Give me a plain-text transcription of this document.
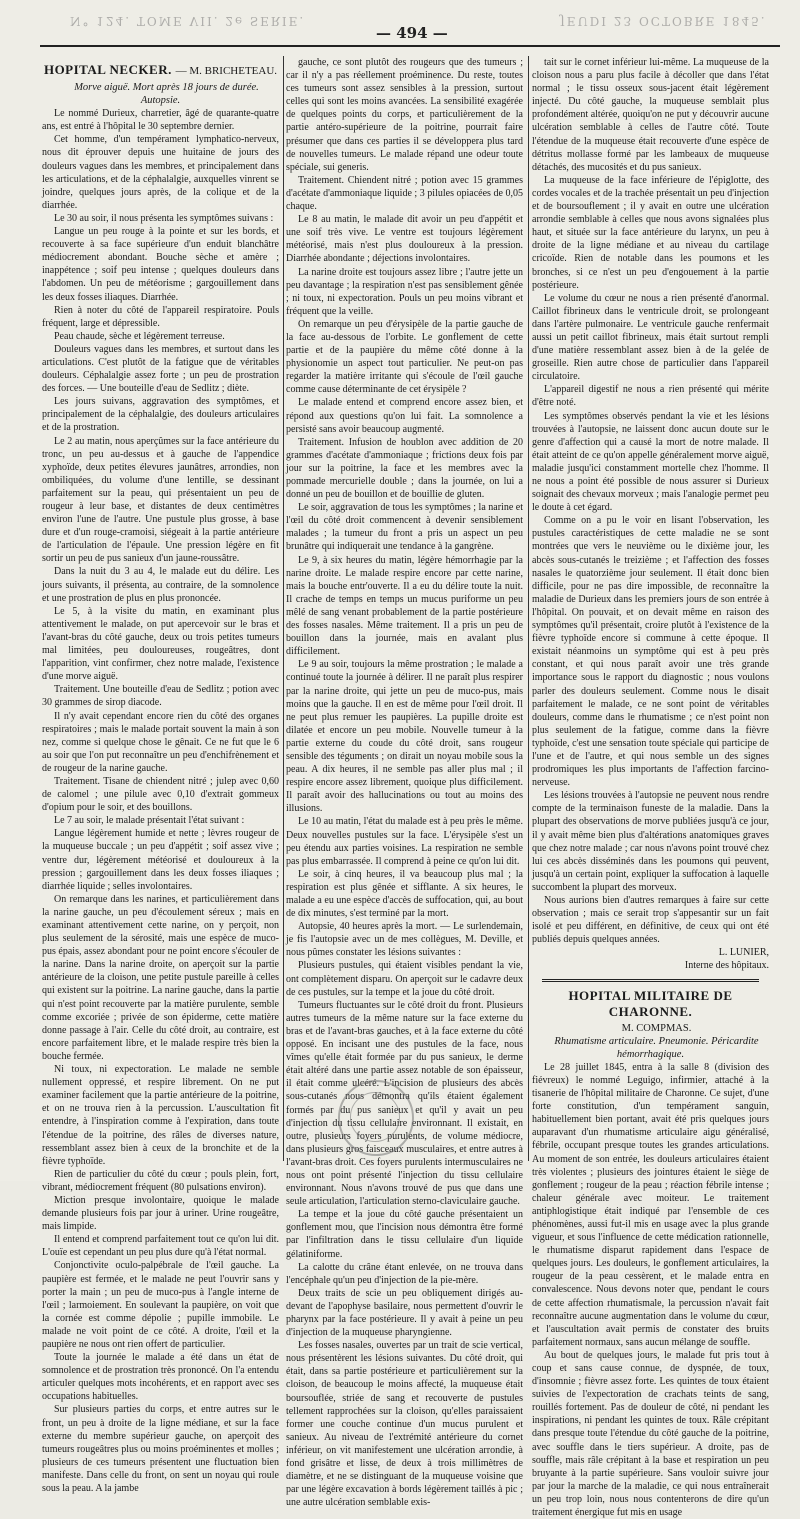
N° 124. TOME VII. 2e SERIE.
— 494 —
JEUDI 23 OCTOBRE 1845.
HOPITAL NECKER. — M. BRICHETEAU.

Morve aiguë. Mort après 18 jours de durée. Autopsie.

Le nommé Durieux, charretier, âgé de quarante-quatre ans, est entré à l'hôpital le 30 septembre dernier.

Cet homme, d'un tempérament lymphatico-nerveux, nous dit éprouver depuis une huitaine de jours des douleurs vagues dans les membres, et principalement dans les articulations, et de la céphalalgie, auxquelles vinrent se joindre, quelques jours après, de la colique et de la diarrhée.

Le 30 au soir, il nous présenta les symptômes suivans :

Langue un peu rouge à la pointe et sur les bords, et recouverte à sa face supérieure d'un enduit blanchâtre médiocrement abondant. Bouche sèche et amère ; inappétence ; soif peu intense ; quelques douleurs dans l'abdomen. Un peu de météorisme ; gargouillement dans les deux fosses iliaques. Diarrhée.

Rien à noter du côté de l'appareil respiratoire. Pouls fréquent, large et dépressible.

Peau chaude, sèche et légèrement terreuse.

Douleurs vagues dans les membres, et surtout dans les articulations. C'est plutôt de la fatigue que de véritables douleurs. Céphalalgie assez forte ; un peu de prostration des forces. — Une bouteille d'eau de Sedlitz ; diète.

Les jours suivans, aggravation des symptômes, et principalement de la céphalalgie, des douleurs articulaires et de la prostration.

Le 2 au matin, nous aperçûmes sur la face antérieure du tronc, un peu au-dessus et à gauche de l'appendice xyphoïde, deux petites élevures jaunâtres, arrondies, non ombiliquées, du volume d'une lentille, se dessinant parfaitement sur la peau, qui présentaient un peu de rougeur à leur base, et distantes de deux centimètres environ l'une de l'autre. Une pustule plus grosse, à base dure et d'un rouge-cramoisi, siégeait à la partie antérieure de l'articulation de l'épaule. Une pression légère en fit sortir un peu de pus sanieux d'un jaune-roussâtre.

Dans la nuit du 3 au 4, le malade eut du délire. Les jours suivants, il présenta, au contraire, de la somnolence et une prostration de plus en plus prononcée.

Le 5, à la visite du matin, en examinant plus attentivement le malade, on put apercevoir sur le bras et l'avant-bras du côté gauche, deux ou trois petites tumeurs mal limitées, peu douloureuses, rougeâtres, dont l'apparition, vint confirmer, chez notre malade, l'existence d'une morve aiguë.

Traitement. Une bouteille d'eau de Sedlitz ; potion avec 30 grammes de sirop diacode.

Il n'y avait cependant encore rien du côté des organes respiratoires ; mais le malade portait souvent la main à son nez, comme si quelque chose le gênait. Ce ne fut que le 6 au soir que l'on put reconnaître un peu d'enchifrènement et de rougeur de la narine gauche.

Traitement. Tisane de chiendent nitré ; julep avec 0,60 de calomel ; une pilule avec 0,10 d'extrait gommeux d'opium pour le soir, et des bouillons.

Le 7 au soir, le malade présentait l'état suivant :

Langue légèrement humide et nette ; lèvres rougeur de la muqueuse buccale ; un peu d'appétit ; soif assez vive ; ventre dur, légèrement météorisé et douloureux à la pression ; gargouillement dans les deux fosses iliaques ; diarrhée liquide ; selles involontaires.

On remarque dans les narines, et particulièrement dans la narine gauche, un peu d'écoulement séreux ; mais en examinant attentivement cette narine, on y perçoit, non plus seulement de la sérosité, mais une espèce de muco-pus épais, assez abondant pour ne point encore s'écouler de la narine. Dans la narine droite, on aperçoit sur la partie antérieure de la cloison, une petite pustule pareille à celles qui existent sur la poitrine. La narine gauche, dans la partie qui n'est point recouverte par la matière purulente, semble comme excoriée ; privée de son épiderme, cette matière donne passage à l'air. Celle du côté droit, au contraire, est encore parfaitement libre, et le malade respire très bien la bouche fermée.

Ni toux, ni expectoration. Le malade ne semble nullement oppressé, et respire librement. On ne put examiner facilement que la partie antérieure de la poitrine, et on ne trouva rien à la percussion. L'auscultation fit entendre, à l'inspiration comme à l'expiration, dans toute l'étendue de la poitrine, des râles de diverses nature, ressemblant assez bien à ceux de la bronchite et de la fièvre typhoïde.

Rien de particulier du côté du cœur ; pouls plein, fort, vibrant, médiocrement fréquent (80 pulsations environ).

Miction presque involontaire, quoique le malade demande plusieurs fois par jour à uriner. Urine rougeâtre, mais limpide.

Il entend et comprend parfaitement tout ce qu'on lui dit. L'ouïe est cependant un peu plus dure qu'à l'état normal.

Conjonctivite oculo-palpébrale de l'œil gauche. La paupière est fermée, et le malade ne peut l'ouvrir sans y porter la main ; un peu de muco-pus à l'angle interne de l'œil ; larmoiement. En soulevant la paupière, on voit que la cornée est comme dépolie ; pupille immobile. Le malade ne voit point de ce côté. A droite, l'œil et la paupière ne nous ont rien offert de particulier.

Toute la journée le malade a été dans un état de somnolence et de prostration très prononcé. On l'a entendu articuler quelques mots incohérents, et en rapport avec ses occupations habituelles.

Sur plusieurs parties du corps, et entre autres sur le front, un peu à droite de la ligne médiane, et sur la face externe du membre supérieur gauche, on aperçoit des tumeurs rougeâtres plus ou moins proéminentes et molles ; plusieurs de ces tumeurs présentent une fluctuation bien manifeste. Dans celle du front, on sent un noyau qui roule sous la peau. A la jambe

gauche, ce sont plutôt des rougeurs que des tumeurs ; car il n'y a pas réellement proéminence. Du reste, toutes ces tumeurs sont assez sensibles à la pression, surtout celles qui sont les moins avancées. La sensibilité exagérée de quelques points du corps, et particulièrement de la partie antéro-supérieure de la poitrine, pourrait faire présumer que dans ces parties il se développera plus tard de nouvelles tumeurs. Le malade répand une odeur toute spéciale, sui generis.

Traitement. Chiendent nitré ; potion avec 15 grammes d'acétate d'ammoniaque liquide ; 3 pilules opiacées de 0,05 chaque.

Le 8 au matin, le malade dit avoir un peu d'appétit et une soif très vive. Le ventre est toujours légèrement météorisé, mais n'est plus douloureux à la pression. Diarrhée abondante ; déjections involontaires.

La narine droite est toujours assez libre ; l'autre jette un peu davantage ; la respiration n'est pas sensiblement gênée ; ni toux, ni expectoration. Pouls un peu moins vibrant et fréquent que la veille.

On remarque un peu d'érysipèle de la partie gauche de la face au-dessous de l'orbite. Le gonflement de cette partie et de la paupière du même côté donne à la physionomie un aspect tout particulier. Ne peut-on pas regarder la matière irritante qui s'écoule de l'œil gauche comme cause déterminante de cet érysipèle ?

Le malade entend et comprend encore assez bien, et répond aux questions qu'on lui fait. La somnolence a persisté sans avoir beaucoup augmenté.

Traitement. Infusion de houblon avec addition de 20 grammes d'acétate d'ammoniaque ; frictions deux fois par jour sur la poitrine, la face et les membres avec la pommade mercurielle double ; dans la journée, on lui a donné un peu de bouillon et de bouillie de gluten.

Le soir, aggravation de tous les symptômes ; la narine et l'œil du côté droit commencent à devenir sensiblement malades ; la tumeur du front a pris un aspect un peu brunâtre qui indiquerait une tendance à la gangrène.

Le 9, à six heures du matin, légère hémorrhagie par la narine droite. Le malade respire encore par cette narine, mais la bouche entr'ouverte. Il a eu du délire toute la nuit. Il crache de temps en temps un mucus puriforme un peu mêlé de sang venant probablement de la partie postérieure des fosses nasales. Même traitement. Il a pris un peu de bouillon dans la journée, mais en avalant plus difficilement.

Le 9 au soir, toujours la même prostration ; le malade a continué toute la journée à délirer. Il ne paraît plus respirer par la narine droite, qui jette un peu de muco-pus, mais moins que la gauche. Il en est de même pour l'œil droit. Il ne peut plus remuer les paupières. La pupille droite est dilatée et encore un peu mobile. Nouvelle tumeur à la partie externe du coude du côté droit, sans rougeur sensible des téguments ; on dirait un noyau mobile sous la peau. A dix heures, il ne semble pas aller plus mal ; il respire encore assez librement, quoique plus difficilement. Il paraît avoir des hallucinations ou tout au moins des illusions.

Le 10 au matin, l'état du malade est à peu près le même. Deux nouvelles pustules sur la face. L'érysipèle s'est un peu étendu aux parties voisines. La respiration ne semble pas plus embarrassée. Il comprend à peine ce qu'on lui dit.

Le soir, à cinq heures, il va beaucoup plus mal ; la respiration est plus gênée et sifflante. A six heures, le malade a eu une espèce d'accès de suffocation, qui, au bout de dix minutes, s'est terminé par la mort.

Autopsie, 40 heures après la mort. — Le surlendemain, je fis l'autopsie avec un de mes collègues, M. Deville, et nous pûmes constater les lésions suivantes :

Plusieurs pustules, qui étaient visibles pendant la vie, ont complètement disparu. On aperçoit sur le cadavre deux de ces pustules, sur la tempe et la joue du côté droit.

Tumeurs fluctuantes sur le côté droit du front. Plusieurs autres tumeurs de la même nature sur la face externe du bras et de l'avant-bras gauches, et à la face externe du côté opposé. En incisant une des pustules de la face, nous vîmes qu'elle était formée par du pus sanieux, le derme était altéré dans une partie assez notable de son épaisseur, il était comme ulcéré. L'incision de plusieurs des abcès sous-cutanés nous démontra qu'ils étaient également formés par du pus sanieux et qu'il y avait un peu d'injection du tissu cellulaire environnant. Il existait, en outre, plusieurs foyers purulents, de volume médiocre, dans plusieurs gros faisceaux musculaires, et entre autres à l'avant-bras droit. Ces foyers purulents intermusculaires ne nous ont point présenté l'injection du tissu cellulaire environnant. Nous n'avons trouvé de pus que dans une seule articulation, l'articulation sterno-claviculaire gauche.

La tempe et la joue du côté gauche présentaient un gonflement mou, que l'incision nous démontra être formé par l'infiltration dans le tissu cellulaire d'un liquide gélatiniforme.

La calotte du crâne étant enlevée, on ne trouva dans l'encéphale qu'un peu d'injection de la pie-mère.

Deux traits de scie un peu obliquement dirigés au-devant de l'apophyse basilaire, nous permettent d'ouvrir le pharynx par la face postérieure. Il y avait à peine un peu d'injection de la muqueuse pharyngienne.

Les fosses nasales, ouvertes par un trait de scie vertical, nous présentèrent les lésions suivantes. Du côté droit, qui était, dans sa partie postérieure et particulièrement sur la cloison, de beaucoup le moins affecté, la muqueuse était boursouflée, striée de sang et recouverte de pustules tellement rapprochées sur la cloison, qu'elles paraissaient former une couche continue d'un mucus purulent et sanieux. Au niveau de l'extrémité antérieure du cornet inférieur, on vit manifestement une ulcération arrondie, à fond grisâtre et lisse, de deux à trois millimètres de diamètre, et ne se distinguant de la muqueuse voisine que par une légère excavation à bords légèrement taillés à pic ; une autre ulcération semblable exis-

tait sur le cornet inférieur lui-même. La muqueuse de la cloison nous a paru plus facile à décoller que dans l'état normal ; le tissu osseux sous-jacent était légèrement injecté. Du côté gauche, la muqueuse semblait plus profondément altérée, quoiqu'on ne put y découvrir aucune ulcération semblable à celles de l'autre côté. Toute l'étendue de la muqueuse était recouverte d'une espèce de détritus mollasse formé par les lambeaux de muqueuse détachés, des mucosités et du pus sanieux.

La muqueuse de la face inférieure de l'épiglotte, des cordes vocales et de la trachée présentait un peu d'injection et de boursouflement ; il y avait en outre une ulcération arrondie semblable à celles que nous avons signalées plus haut, et située sur la face antérieure du larynx, un peu à droite de la ligne médiane et au niveau du cartilage cricoïde. Rien de notable dans les poumons et les bronches, si ce n'est un peu d'engouement à la partie postérieure.

Le volume du cœur ne nous a rien présenté d'anormal. Caillot fibrineux dans le ventricule droit, se prolongeant dans l'artère pulmonaire. Le ventricule gauche renfermait aussi un petit caillot fibrineux, mais était surtout rempli d'une matière ressemblant assez bien à de la gelée de groseille. Rien autre chose de particulier dans l'appareil circulatoire.

L'appareil digestif ne nous a rien présenté qui mérite d'être noté.

Les symptômes observés pendant la vie et les lésions trouvées à l'autopsie, ne laissent donc aucun doute sur le genre d'affection qui a causé la mort de notre malade. Il était atteint de ce qu'on appelle généralement morve aiguë, maladie jusqu'ici constamment mortelle chez l'homme. Il ne nous a point été possible de nous assurer si Durieux soignait des chevaux morveux ; mais l'analogie permet peu le doute à cet égard.

Comme on a pu le voir en lisant l'observation, les pustules caractéristiques de cette maladie ne se sont montrées que vers le neuvième ou le dixième jour, les abcès sous-cutanés le treizième ; et l'affection des fosses nasales le quatorzième jour seulement. Il était donc bien difficile, pour ne pas dire impossible, de reconnaître la maladie de Durieux dans les premiers jours de son entrée à l'hôpital. On pouvait, et on devait même en raison des symptômes qu'il présentait, croire plutôt à l'existence de la fièvre typhoïde encore si commune à cette époque. Il existait néanmoins un symptôme qui est à peu près constant, et qui nous paraît avoir une très grande importance sous le rapport du diagnostic ; nous voulons parler des douleurs seulement. Comme nous le disait parfaitement le malade, ce ne sont point de véritables douleurs, comme dans le rhumatisme ; ce n'est point non plus seulement de la fatigue, comme dans la fièvre typhoïde, c'est une sensation toute spéciale qui participe de l'une et de l'autre, et qui nous semble un des signes prodromiques les plus importants de l'affection farcino-nerveuse.

Les lésions trouvées à l'autopsie ne peuvent nous rendre compte de la terminaison funeste de la maladie. Dans la plupart des observations de morve publiées jusqu'à ce jour, il y avait même bien plus d'altérations anatomiques graves que chez notre malade ; car nous n'avons point trouvé chez lui ces abcès disséminés dans les poumons qui peuvent, jusqu'à un certain point, expliquer la suffocation à laquelle succombent la plupart des morveux.

Nous aurions bien d'autres remarques à faire sur cette observation ; mais ce serait trop s'appesantir sur un fait isolé et peu différent, en définitive, de ceux qui ont été publiés depuis quelques années.

L. LUNIER,

Interne des hôpitaux.

HOPITAL MILITAIRE DE CHARONNE.

M. COMPMAS.

Rhumatisme articulaire. Pneumonie. Péricardite hémorrhagique.

Le 28 juillet 1845, entra à la salle 8 (division des fiévreux) le nommé Leguigo, infirmier, attaché à la tisanerie de l'hôpital militaire de Charonne. Ce sujet, d'une forte constitution, d'un tempérament sanguin, habituellement bien portant, avait été pris quelques jours auparavant d'un rhumatisme articulaire aigu généralisé, fébrile, occupant presque toutes les grandes articulations. Au moment de son entrée, les douleurs articulaires étaient très violentes ; plusieurs des jointures étaient le siège de gonflement ; rougeur de la peau ; réaction fébrile intense ; chaleur générale avec moiteur. Le traitement antiphlogistique était indiqué par l'ensemble de ces phénomènes, aussi fut-il mis en usage avec la plus grande vigueur, et sous l'influence de cette médication rationnelle, le rhumatisme disparut rapidement dans l'espace de quelques jours. Les douleurs, le gonflement articulaires, la rougeur de la peau cessèrent, et le malade entra en convalescence. Nous devons noter que, pendant le cours de cette affection rhumatismale, la percussion n'avait fait reconnaître aucune augmentation dans le volume du cœur, et l'auscultation avait permis de constater des bruits parfaitement normaux, sans aucun mélange de souffle.

Au bout de quelques jours, le malade fut pris tout à coup et sans cause connue, de dyspnée, de toux, d'insomnie ; fièvre assez forte. Les quintes de toux étaient suivies de l'expectoration de crachats teints de sang, rouillés fortement. Pas de douleur de côté, ni pendant les inspirations, ni pendant les quintes de toux. Râle crépitant dans presque toute l'étendue du côté gauche de la poitrine, avec souffle dans le tiers supérieur. A droite, pas de souffle, mais râle crépitant à la base et respiration un peu bruyante à la partie supérieure. Sans vouloir suivre jour par jour la marche de la maladie, ce qui nous entraînerait un peu trop loin, nous nous contenterons de dire qu'un traitement énergique fut mis en usage
